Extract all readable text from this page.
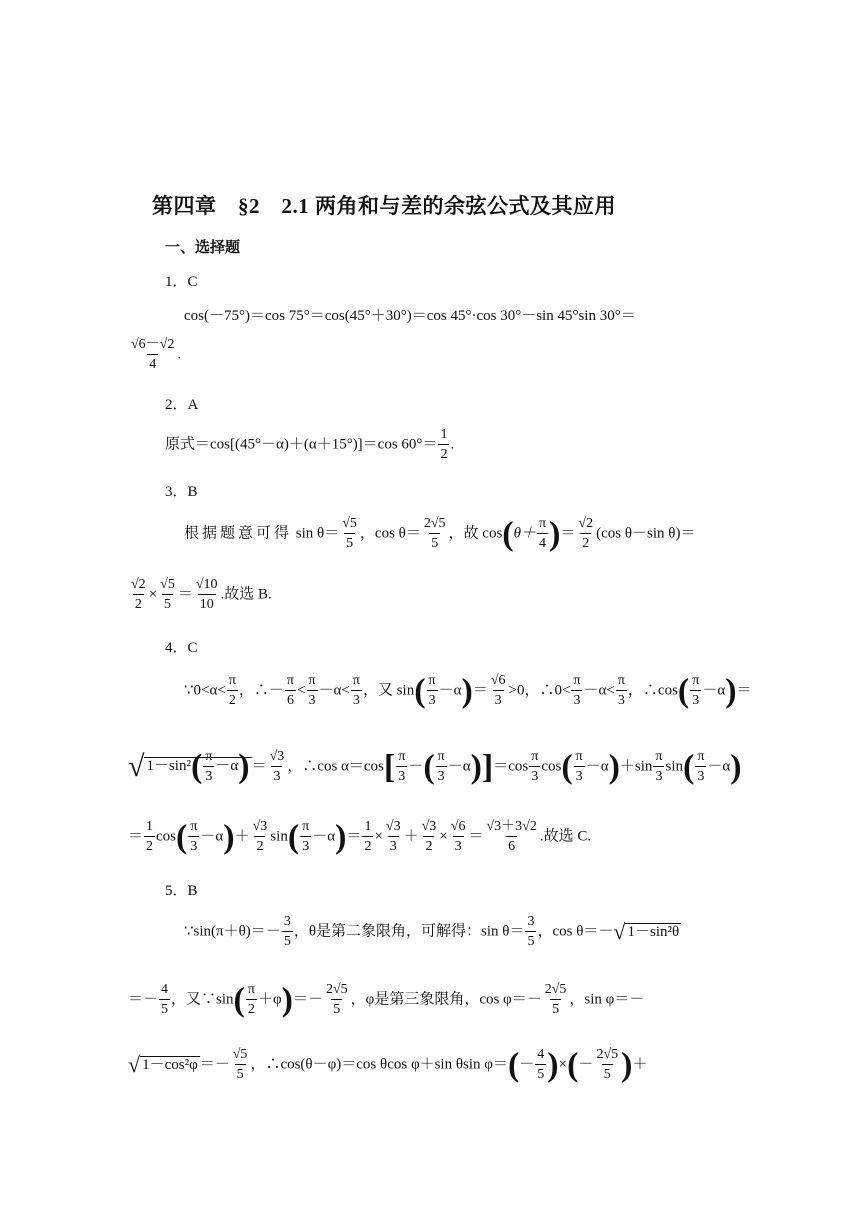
第四章　§2　2.1 两角和与差的余弦公式及其应用
一、选择题
1．C
cos(－75°)＝cos 75°＝cos(45°＋30°)＝cos 45°·cos 30°－sin 45°sin 30°＝
$\frac{√6-√2}{4}$ .
2．A
原式＝cos[(45°－α)＋(α＋15°)]＝cos $60^\circ= \frac{1}{2}$ .
3．B
根据题意可得 $\sin \theta= \frac{√5}{5}$ ，$\cos \theta= \frac{2√5}{5}$ ，故 $\cos(\theta+ \frac{\pi}{4}$ )＝ $\frac{√2}{2} (\cos$ θ－sin θ)＝
$\frac{√2}{2} \times \frac{√5}{5} = \frac{√10}{10}$ .故选 B.
4．C
∵0<α< $\frac{\pi}{2}$ ，∴－ $\frac{\pi}{6} < \frac{\pi}{3} -\alpha< \frac{\pi}{3}$ ，又 $\sin( \frac{\pi}{3} -\alpha)= \frac{√6}{3} >0$，∴0< $\frac{\pi}{3} -\alpha< \frac{\pi}{3}$ ，∴cos( $\frac{\pi}{3} -\alpha)=$
√ $1-\sin^2( \frac{\pi}{3} -\alpha) = \frac{√3}{3}$ ，∴cos $\alpha=\cos[ \frac{\pi}{3}$ －( $\frac{\pi}{3} -\alpha)]=\cos \frac{\pi}{3} \cos( \frac{\pi}{3} -\alpha)+\sin \frac{\pi}{3} \sin( \frac{\pi}{3} -\alpha)$
＝ $\frac{1}{2} \cos( \frac{\pi}{3} -\alpha)+ \frac{√3}{2} \sin( \frac{\pi}{3} -\alpha)= \frac{1}{2} \times \frac{√3}{3} + \frac{√3}{2} \times \frac{√6}{3} = \frac{√3+3√2}{6}$ .故选 C.
5．B
∵sin(π＋θ)＝－ $\frac{3}{5}$ ，θ是第二象限角，可解得：$\sin \theta= \frac{3}{5}$ ，cos θ＝－√ 1－sin²θ
＝－ $\frac{4}{5}$ ，又∵sin( $\frac{\pi}{2} +\varphi)=- \frac{2√5}{5}$ ，φ是第三象限角，$\cos \varphi=- \frac{2√5}{5}$ ，sin φ＝－
√ $1-\cos^2\varphi =- \frac{√5}{5}$ ，∴cos(θ－φ)＝cos θcos φ＋sin θsin $\varphi=(- \frac{4}{5}$ )×(－ $\frac{2√5}{5}$ )＋
